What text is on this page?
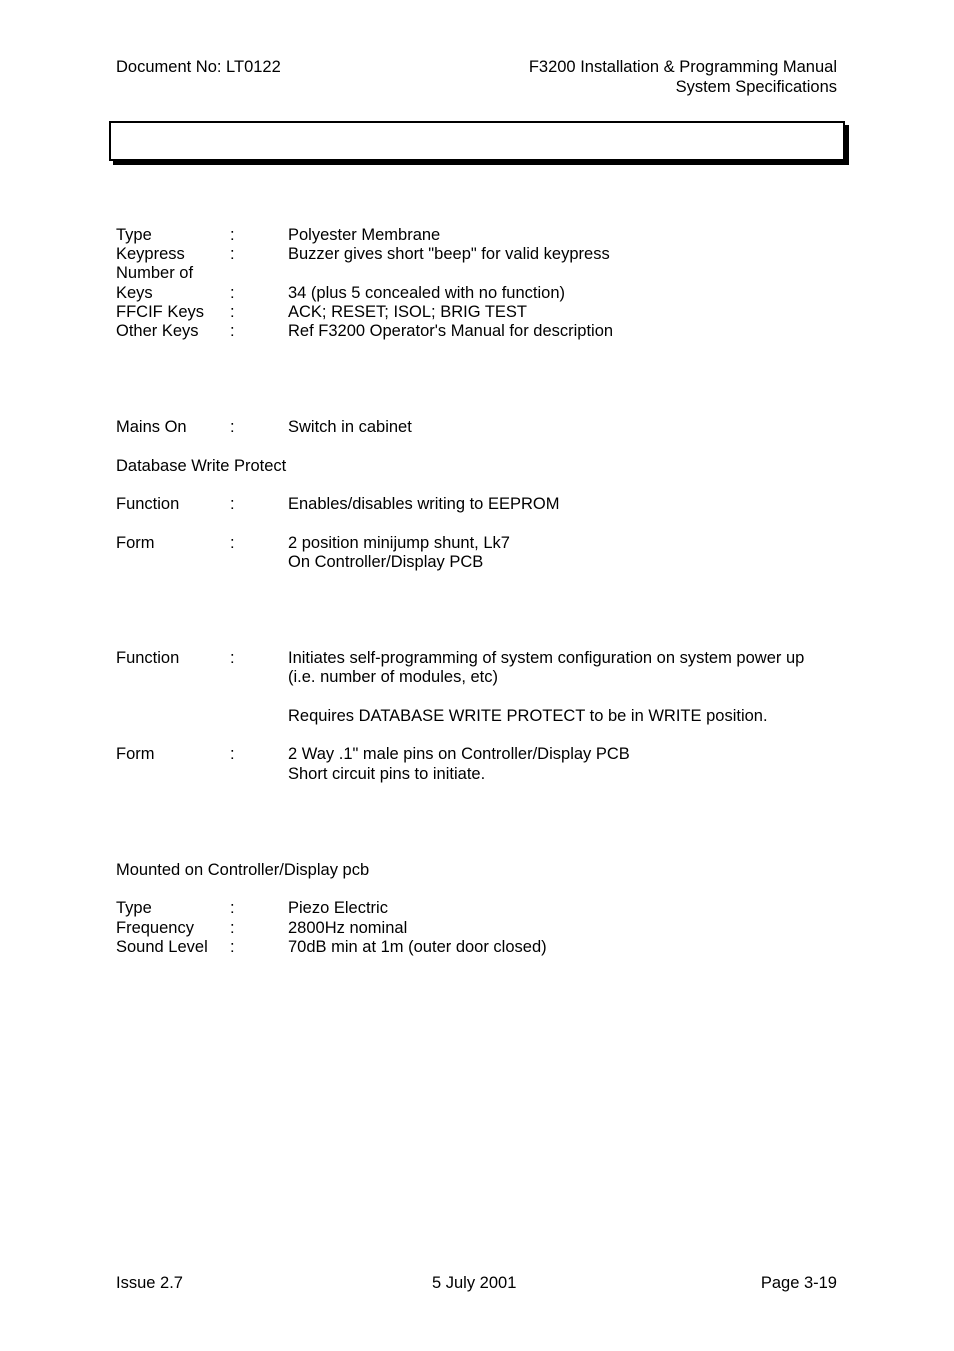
Document No: LT0122	F3200 Installation & Programming Manual
System Specifications
Type	:	Polyester Membrane
Keypress	:	Buzzer gives short "beep" for valid keypress
Number of
Keys	:	34 (plus 5 concealed with no function)
FFCIF Keys :	ACK; RESET; ISOL; BRIG TEST
Other Keys :	Ref F3200 Operator's Manual for description
Mains On	:	Switch in cabinet
Database Write Protect
Function	:	Enables/disables writing to EEPROM
Form	:	2 position minijump shunt, Lk7
On Controller/Display PCB
Function	:	Initiates self-programming of system configuration on system power up (i.e. number of modules, etc)
Requires DATABASE WRITE PROTECT to be in WRITE position.
Form	:	2 Way .1" male pins on Controller/Display PCB
Short circuit pins to initiate.
Mounted on Controller/Display pcb
Type	:	Piezo Electric
Frequency :	2800Hz nominal
Sound Level :	70dB min at 1m (outer door closed)
Issue 2.7	5 July 2001	Page 3-19
